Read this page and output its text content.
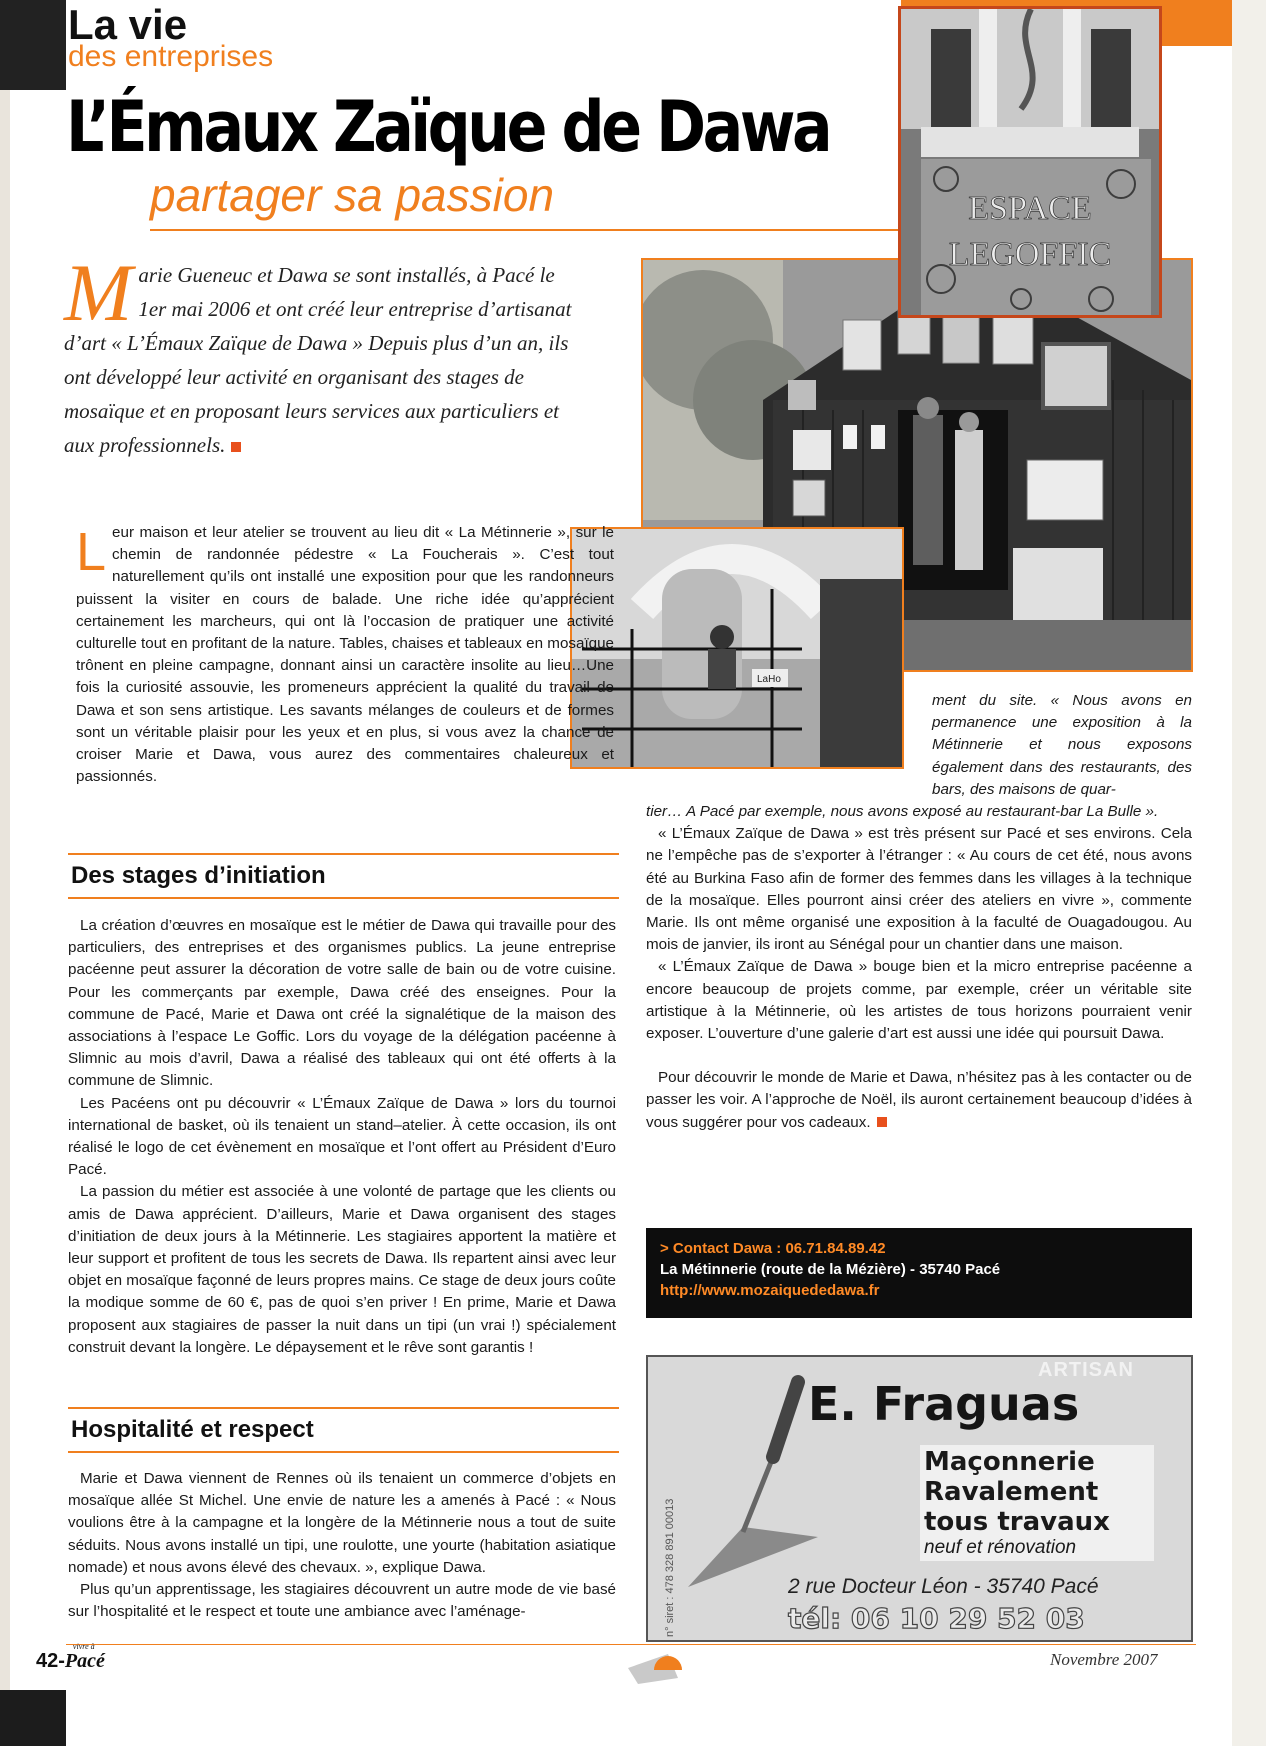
La vie
des entreprises
L’Émaux Zaïque de Dawa
partager sa passion
LaHo
ESPACE
LEGOFFIC
Marie Gueneuc et Dawa se sont installés, à Pacé le 1er mai 2006 et ont créé leur entreprise d’artisanat d’art « L’Émaux Zaïque de Dawa » Depuis plus d’un an, ils ont développé leur activité en organisant des stages de mosaïque et en proposant leurs services aux particuliers et aux professionnels.

Leur maison et leur atelier se trouvent au lieu dit « La Métinnerie », sur le chemin de randonnée pédestre « La Foucherais ». C’est tout naturellement qu’ils ont installé une exposition pour que les randonneurs puissent la visiter en cours de balade. Une riche idée qu’apprécient certainement les marcheurs, qui ont là l’occasion de pratiquer une activité culturelle tout en profitant de la nature. Tables, chaises et tableaux en mosaïque trônent en pleine campagne, donnant ainsi un caractère insolite au lieu…Une fois la curiosité assouvie, les promeneurs apprécient la qualité du travail de Dawa et son sens artistique. Les savants mélanges de couleurs et de formes sont un véritable plaisir pour les yeux et en plus, si vous avez la chance de croiser Marie et Dawa, vous aurez des commentaires chaleureux et passionnés.

Des stages d’initiation

La création d’œuvres en mosaïque est le métier de Dawa qui travaille pour des particuliers, des entreprises et des organismes publics. La jeune entreprise pacéenne peut assurer la décoration de votre salle de bain ou de votre cuisine. Pour les commerçants par exemple, Dawa créé des enseignes. Pour la commune de Pacé, Marie et Dawa ont créé la signalétique de la maison des associations à l’espace Le Goffic. Lors du voyage de la délégation pacéenne à Slimnic au mois d’avril, Dawa a réalisé des tableaux qui ont été offerts à la commune de Slimnic.

Les Pacéens ont pu découvrir « L’Émaux Zaïque de Dawa » lors du tournoi international de basket, où ils tenaient un stand–atelier. À cette occasion, ils ont réalisé le logo de cet évènement en mosaïque et l’ont offert au Président d’Euro Pacé.

La passion du métier est associée à une volonté de partage que les clients ou amis de Dawa apprécient. D’ailleurs, Marie et Dawa organisent des stages d’initiation de deux jours à la Métinnerie. Les stagiaires apportent la matière et leur support et profitent de tous les secrets de Dawa. Ils repartent ainsi avec leur objet en mosaïque façonné de leurs propres mains. Ce stage de deux jours coûte la modique somme de 60 €, pas de quoi s’en priver ! En prime, Marie et Dawa proposent aux stagiaires de passer la nuit dans un tipi (un vrai !) spécialement construit devant la longère. Le dépaysement et le rêve sont garantis !

Hospitalité et respect

Marie et Dawa viennent de Rennes où ils tenaient un commerce d’objets en mosaïque allée St Michel. Une envie de nature les a amenés à Pacé : « Nous voulions être à la campagne et la longère de la Métinnerie nous a tout de suite séduits. Nous avons installé un tipi, une roulotte, une yourte (habitation asiatique nomade) et nous avons élevé des chevaux. », explique Dawa.

Plus qu’un apprentissage, les stagiaires découvrent un autre mode de vie basé sur l’hospitalité et le respect et toute une ambiance avec l’aménage-

ment du site. « Nous avons en permanence une exposition à la Métinnerie et nous exposons également dans des restaurants, des bars, des maisons de quar-

tier… A Pacé par exemple, nous avons exposé au restaurant-bar La Bulle ».

« L’Émaux Zaïque de Dawa » est très présent sur Pacé et ses environs. Cela ne l’empêche pas de s’exporter à l’étranger : « Au cours de cet été, nous avons été au Burkina Faso afin de former des femmes dans les villages à la technique de la mosaïque. Elles pourront ainsi créer des ateliers en vivre », commente Marie. Ils ont même organisé une exposition à la faculté de Ouagadougou. Au mois de janvier, ils iront au Sénégal pour un chantier dans une maison.

« L’Émaux Zaïque de Dawa » bouge bien et la micro entreprise pacéenne a encore beaucoup de projets comme, par exemple, créer un véritable site artistique à la Métinnerie, où les artistes de tous horizons pourraient venir exposer. L’ouverture d’une galerie d’art est aussi une idée qui poursuit Dawa.

Pour découvrir le monde de Marie et Dawa, n’hésitez pas à les contacter ou de passer les voir. A l’approche de Noël, ils auront certainement beaucoup d’idées à vous suggérer pour vos cadeaux.

> Contact Dawa : 06.71.84.89.42
La Métinnerie (route de la Mézière) - 35740 Pacé
http://www.mozaiquededawa.fr
n° siret : 478 328 891 00013
ARTISAN
E. Fraguas
Maçonnerie
Ravalement
tous travaux
neuf et rénovation
2 rue Docteur Léon - 35740 Pacé
tél: 06 10 29 52 03
42-
vivre à
Pacé	Novembre 2007
